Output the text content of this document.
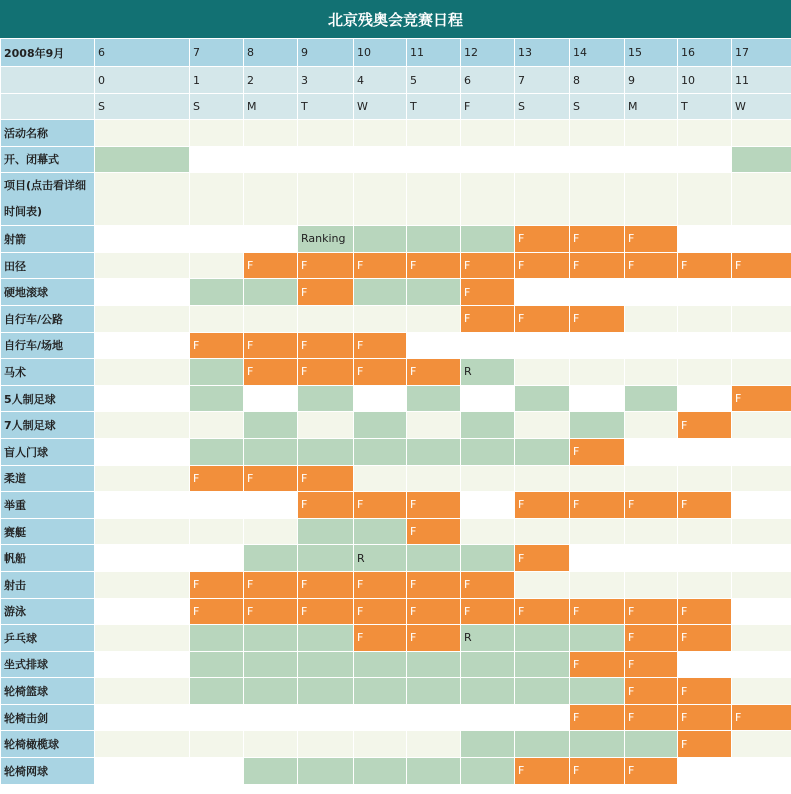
北京残奥会竞赛日程
2008年9月	6	7	8	9	10	11	12	13	14	15	16	17
	0	1	2	3	4	5	6	7	8	9	10	11
	S	S	M	T	W	T	F	S	S	M	T	W
活动名称												
开、闭幕式												
项目(点击看详细时间表)												
射箭				Ranking				F	F	F		
田径			F	F	F	F	F	F	F	F	F	F
硬地滚球				F			F					
自行车/公路							F	F	F			
自行车/场地		F	F	F	F							
马术			F	F	F	F	R					
5人制足球												F
7人制足球											F	
盲人门球									F			
柔道		F	F	F								
举重				F	F	F		F	F	F	F	
赛艇						F						
帆船					R			F				
射击		F	F	F	F	F	F					
游泳		F	F	F	F	F	F	F	F	F	F	
乒乓球					F	F	R			F	F	
坐式排球									F	F		
轮椅篮球										F	F	
轮椅击剑									F	F	F	F
轮椅橄榄球											F	
轮椅网球								F	F	F		
